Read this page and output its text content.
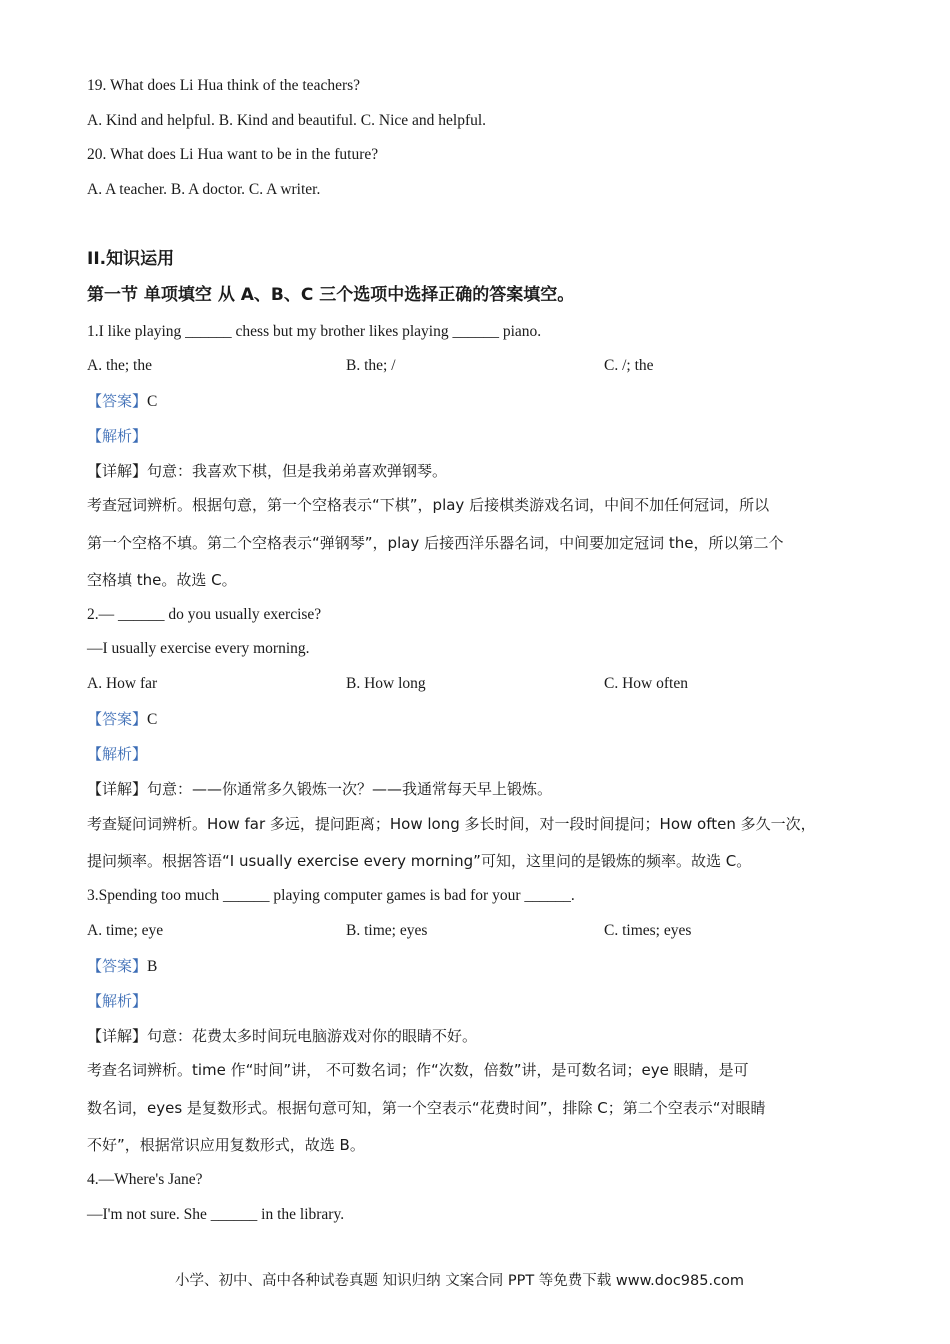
19. What does Li Hua think of the teachers?
A. Kind and helpful. B. Kind and beautiful. C. Nice and helpful.
20. What does Li Hua want to be in the future?
A. A teacher. B. A doctor. C. A writer.
II.知识运用
第一节 单项填空 从 A、B、C 三个选项中选择正确的答案填空。
1.I like playing ______ chess but my brother likes playing ______ piano.
A. the; the	B. the; /	C. /; the
【答案】C
【解析】
【详解】句意：我喜欢下棋，但是我弟弟喜欢弹钢琴。
考查冠词辨析。根据句意，第一个空格表示“下棋”，play 后接棋类游戏名词，中间不加任何冠词，所以
第一个空格不填。第二个空格表示“弹钢琴”，play 后接西洋乐器名词，中间要加定冠词 the，所以第二个
空格填 the。故选 C。
2.— ______ do you usually exercise?
—I usually exercise every morning.
A. How far	B. How long	C. How often
【答案】C
【解析】
【详解】句意：——你通常多久锻炼一次？——我通常每天早上锻炼。
考查疑问词辨析。How far 多远，提问距离；How long 多长时间，对一段时间提问；How often 多久一次，
提问频率。根据答语“I usually exercise every morning”可知，这里问的是锻炼的频率。故选 C。
3.Spending too much ______ playing computer games is bad for your ______.
A. time; eye	B. time; eyes	C. times; eyes
【答案】B
【解析】
【详解】句意：花费太多时间玩电脑游戏对你的眼睛不好。
考查名词辨析。time 作“时间”讲， 不可数名词；作“次数，倍数”讲，是可数名词；eye 眼睛，是可
数名词，eyes 是复数形式。根据句意可知，第一个空表示“花费时间”，排除 C；第二个空表示“对眼睛
不好”，根据常识应用复数形式，故选 B。
4.—Where's Jane?
—I'm not sure. She ______ in the library.
小学、初中、高中各种试卷真题 知识归纳 文案合同 PPT 等免费下载 www.doc985.com
